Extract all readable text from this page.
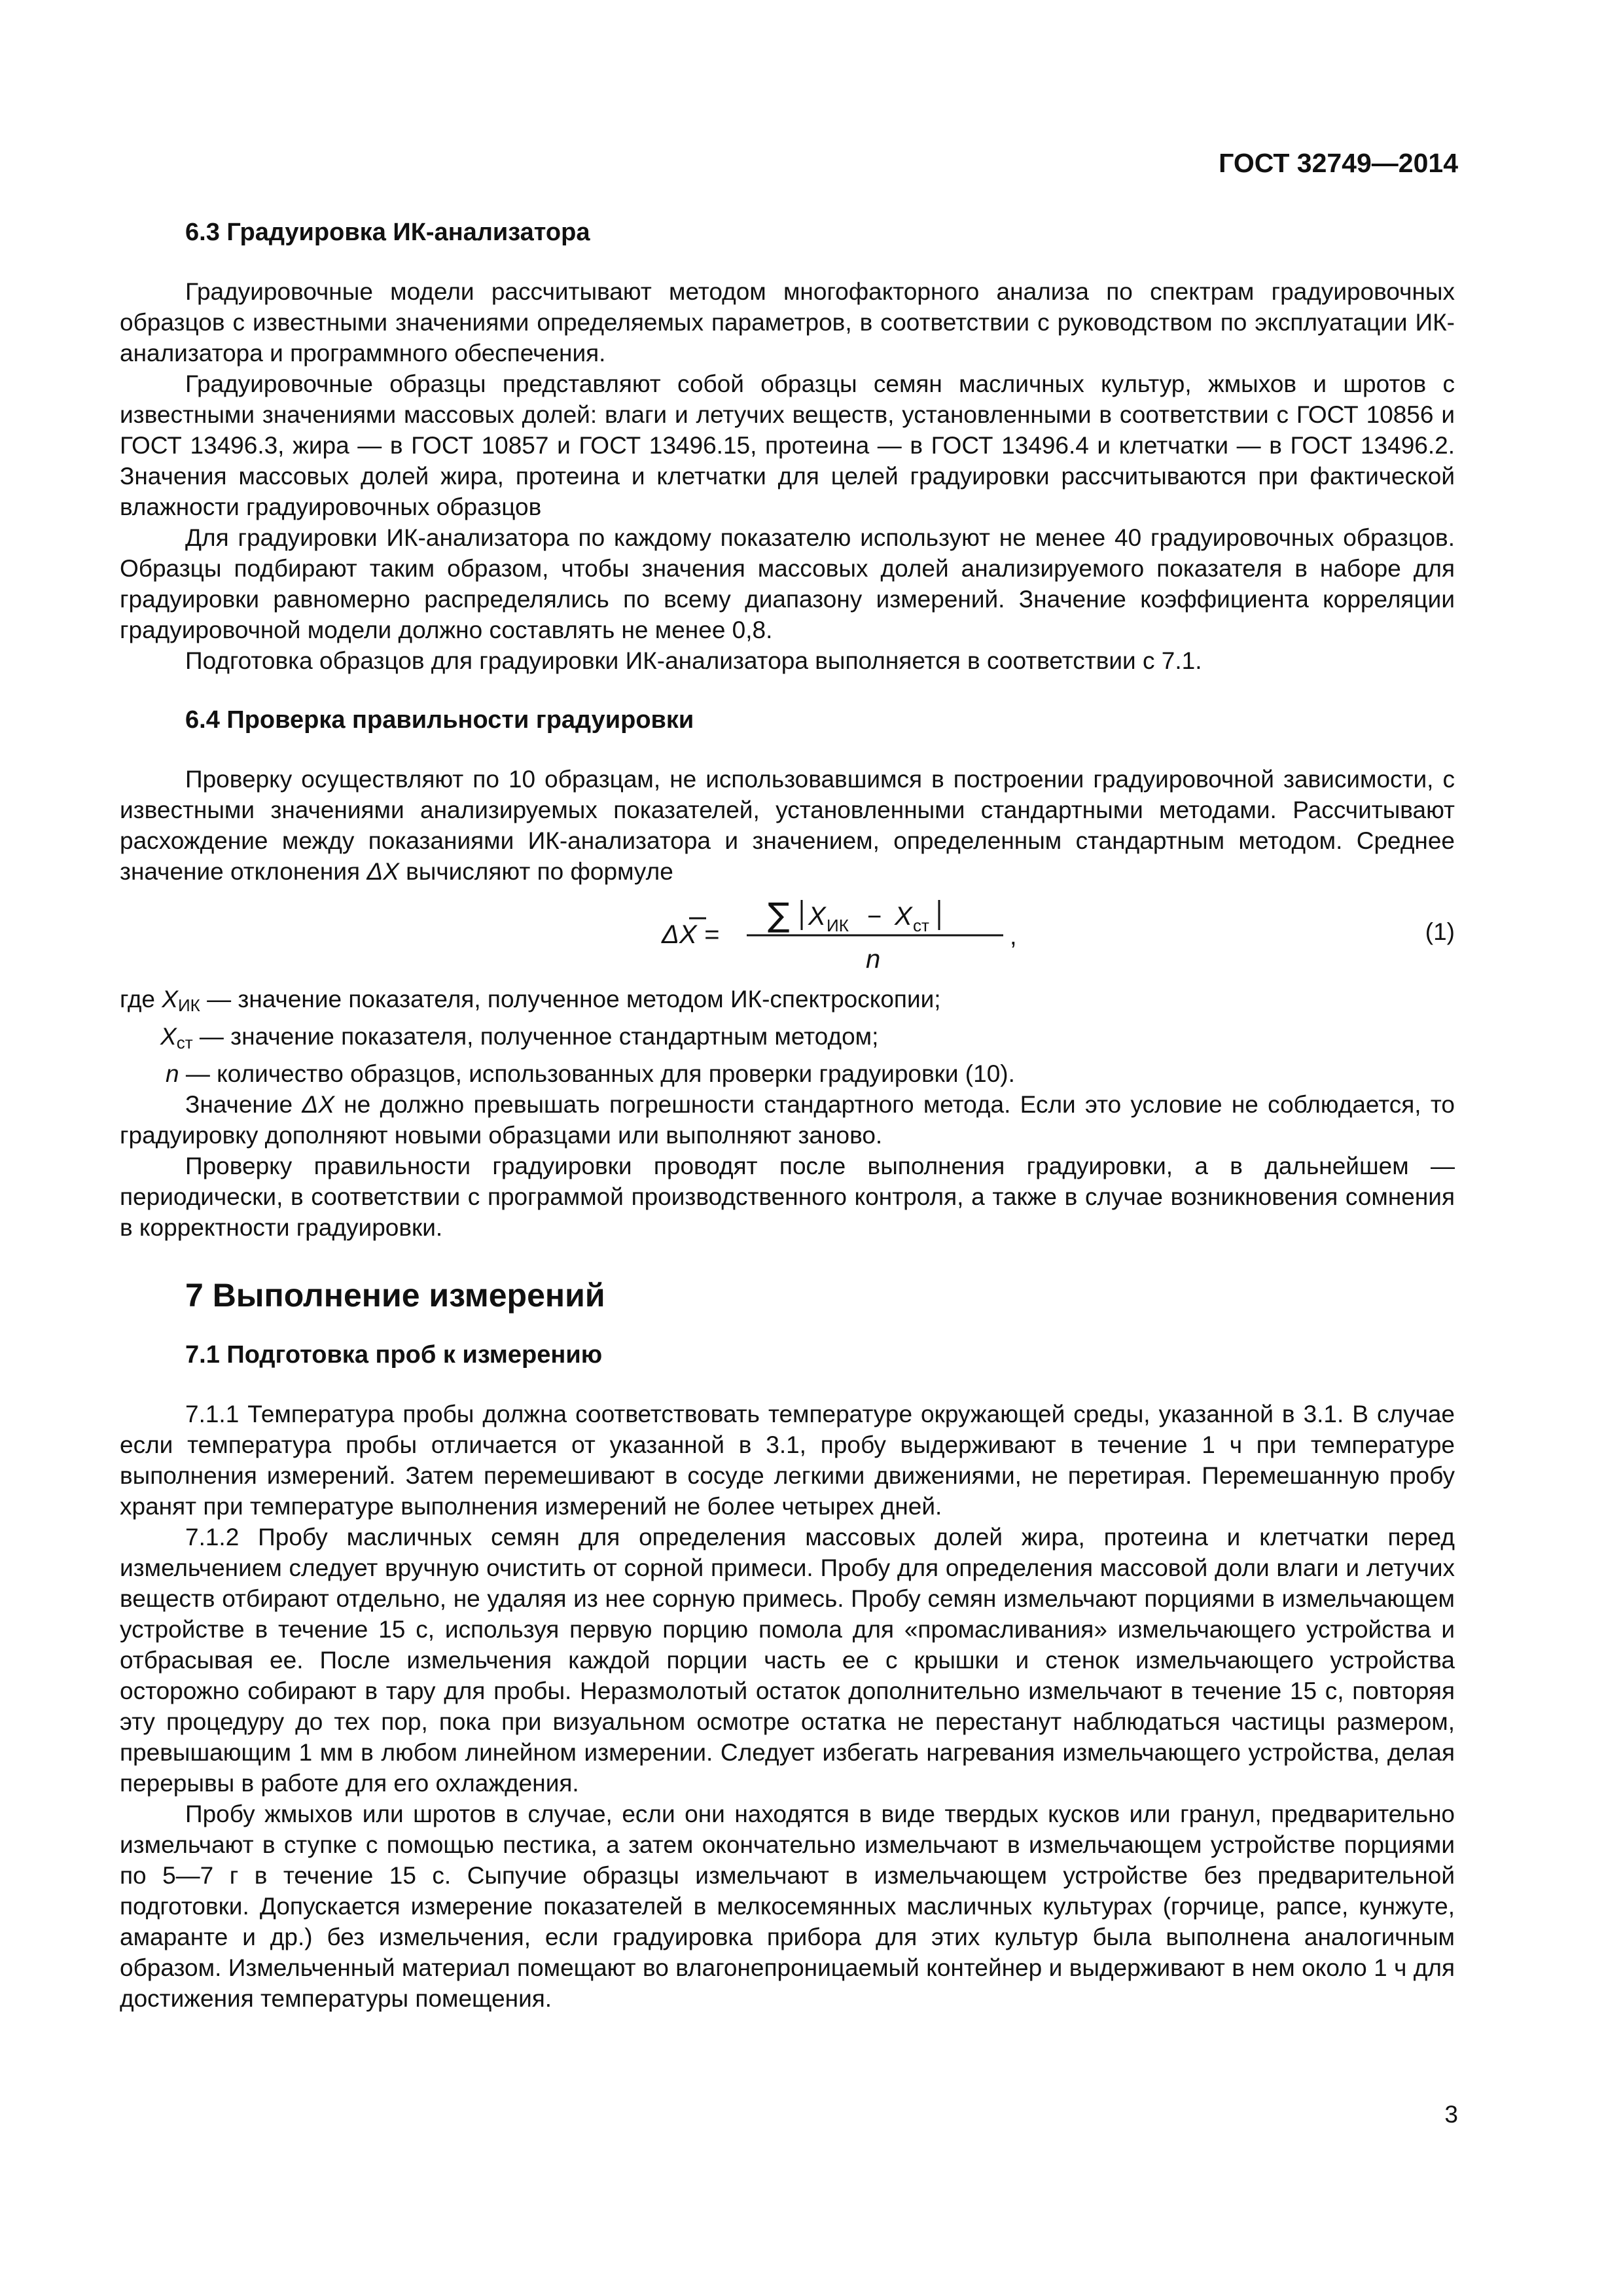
ГОСТ 32749—2014
6.3 Градуировка ИК-анализатора

Градуировочные модели рассчитывают методом многофакторного анализа по спектрам градуировочных образцов с известными значениями определяемых параметров, в соответствии с руководством по эксплуатации ИК-анализатора и программного обеспечения.

Градуировочные образцы представляют собой образцы семян масличных культур, жмыхов и шротов с известными значениями массовых долей: влаги и летучих веществ, установленными в соответствии с ГОСТ 10856 и ГОСТ 13496.3, жира — в ГОСТ 10857 и ГОСТ 13496.15, протеина — в ГОСТ 13496.4 и клетчатки — в ГОСТ 13496.2. Значения массовых долей жира, протеина и клетчатки для целей градуировки рассчитываются при фактической влажности градуировочных образцов

Для градуировки ИК-анализатора по каждому показателю используют не менее 40 градуировочных образцов. Образцы подбирают таким образом, чтобы значения массовых долей анализируемого показателя в наборе для градуировки равномерно распределялись по всему диапазону измерений. Значение коэффициента корреляции градуировочной модели должно составлять не менее 0,8.

Подготовка образцов для градуировки ИК-анализатора выполняется в соответствии с 7.1.

6.4 Проверка правильности градуировки

Проверку осуществляют по 10 образцам, не использовавшимся в построении градуировочной зависимости, с известными значениями анализируемых показателей, установленными стандартными методами. Рассчитывают расхождение между показаниями ИК-анализатора и значением, определенным стандартным методом. Среднее значение отклонения ΔX вычисляют по формуле

ΔX =
∑ X ИК − X ст
n
,	(1)
где $X_{ИК}$ — значение показателя, полученное методом ИК-спектроскопии;
$X_{ст}$ — значение показателя, полученное стандартным методом;
n — количество образцов, использованных для проверки градуировки (10).

Значение ΔX не должно превышать погрешности стандартного метода. Если это условие не соблюдается, то градуировку дополняют новыми образцами или выполняют заново.

Проверку правильности градуировки проводят после выполнения градуировки, а в дальнейшем — периодически, в соответствии с программой производственного контроля, а также в случае возникновения сомнения в корректности градуировки.

7 Выполнение измерений
7.1 Подготовка проб к измерению

7.1.1 Температура пробы должна соответствовать температуре окружающей среды, указанной в 3.1. В случае если температура пробы отличается от указанной в 3.1, пробу выдерживают в течение 1 ч при температуре выполнения измерений. Затем перемешивают в сосуде легкими движениями, не перетирая. Перемешанную пробу хранят при температуре выполнения измерений не более четырех дней.

7.1.2 Пробу масличных семян для определения массовых долей жира, протеина и клетчатки перед измельчением следует вручную очистить от сорной примеси. Пробу для определения массовой доли влаги и летучих веществ отбирают отдельно, не удаляя из нее сорную примесь. Пробу семян измельчают порциями в измельчающем устройстве в течение 15 с, используя первую порцию помола для «промасливания» измельчающего устройства и отбрасывая ее. После измельчения каждой порции часть ее с крышки и стенок измельчающего устройства осторожно собирают в тару для пробы. Неразмолотый остаток дополнительно измельчают в течение 15 с, повторяя эту процедуру до тех пор, пока при визуальном осмотре остатка не перестанут наблюдаться частицы размером, превышающим 1 мм в любом линейном измерении. Следует избегать нагревания измельчающего устройства, делая перерывы в работе для его охлаждения.

Пробу жмыхов или шротов в случае, если они находятся в виде твердых кусков или гранул, предварительно измельчают в ступке с помощью пестика, а затем окончательно измельчают в измельчающем устройстве порциями по 5—7 г в течение 15 с. Сыпучие образцы измельчают в измельчающем устройстве без предварительной подготовки. Допускается измерение показателей в мелкосемянных масличных культурах (горчице, рапсе, кунжуте, амаранте и др.) без измельчения, если градуировка прибора для этих культур была выполнена аналогичным образом. Измельченный материал помещают во влагонепроницаемый контейнер и выдерживают в нем около 1 ч для достижения температуры помещения.

3
